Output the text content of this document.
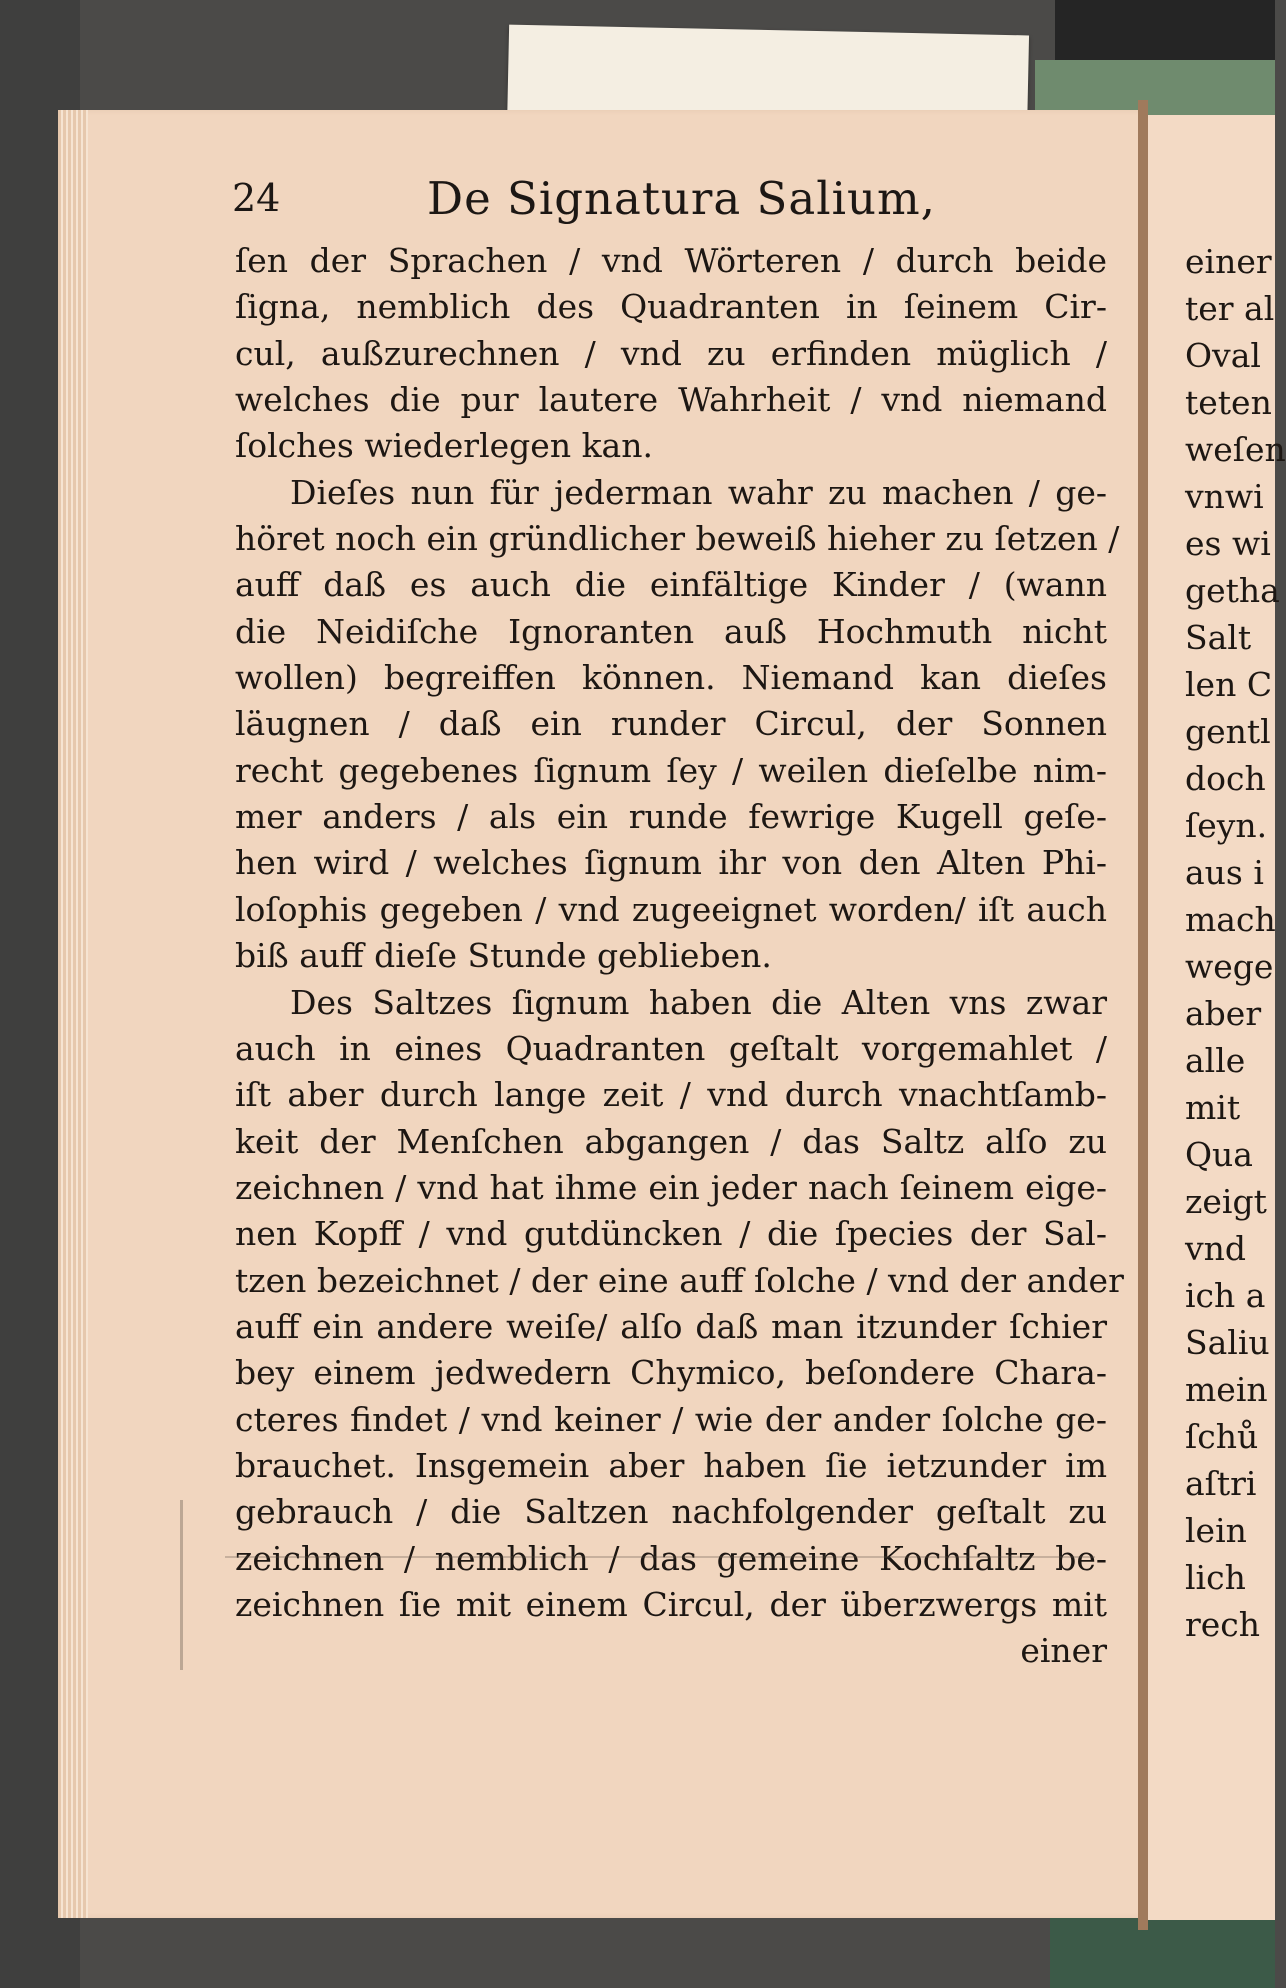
24	De Signatura Salium,
ſen der Sprachen / vnd Wörteren / durch beide
ſigna, nemblich des Quadranten in ſeinem Cir-
cul, außzurechnen / vnd zu erfinden müglich /
welches die pur lautere Wahrheit / vnd niemand
ſolches wiederlegen kan.
Dieſes nun für jederman wahr zu machen / ge-
höret noch ein gründlicher beweiß hieher zu ſetzen /
auff daß es auch die einfältige Kinder / (wann
die Neidiſche Ignoranten auß Hochmuth nicht
wollen) begreiffen können. Niemand kan dieſes
läugnen / daß ein runder Circul, der Sonnen
recht gegebenes ſignum ſey / weilen dieſelbe nim-
mer anders / als ein runde fewrige Kugell geſe-
hen wird / welches ſignum ihr von den Alten Phi-
loſophis gegeben / vnd zugeeignet worden/ iſt auch
biß auff dieſe Stunde geblieben.
Des Saltzes ſignum haben die Alten vns zwar
auch in eines Quadranten geſtalt vorgemahlet /
iſt aber durch lange zeit / vnd durch vnachtſamb-
keit der Menſchen abgangen / das Saltz alſo zu
zeichnen / vnd hat ihme ein jeder nach ſeinem eige-
nen Kopff / vnd gutdüncken / die ſpecies der Sal-
tzen bezeichnet / der eine auff ſolche / vnd der ander
auff ein andere weiſe/ alſo daß man itzunder ſchier
bey einem jedwedern Chymico, beſondere Chara-
cteres findet / vnd keiner / wie der ander ſolche ge-
brauchet. Insgemein aber haben ſie ietzunder im
gebrauch / die Saltzen nachfolgender geſtalt zu
zeichnen / nemblich / das gemeine Kochſaltz be-
zeichnen ſie mit einem Circul, der überzwergs mit
einer
einer
ter al
Oval
teten
weſen
vnwi
es wi
getha
Salt
len C
gentl
doch
ſeyn.
aus i
mach
wege
aber
alle
mit
Qua
zeigt
vnd
ich a
Saliu
mein
ſchů
aſtri
lein
lich
rech
